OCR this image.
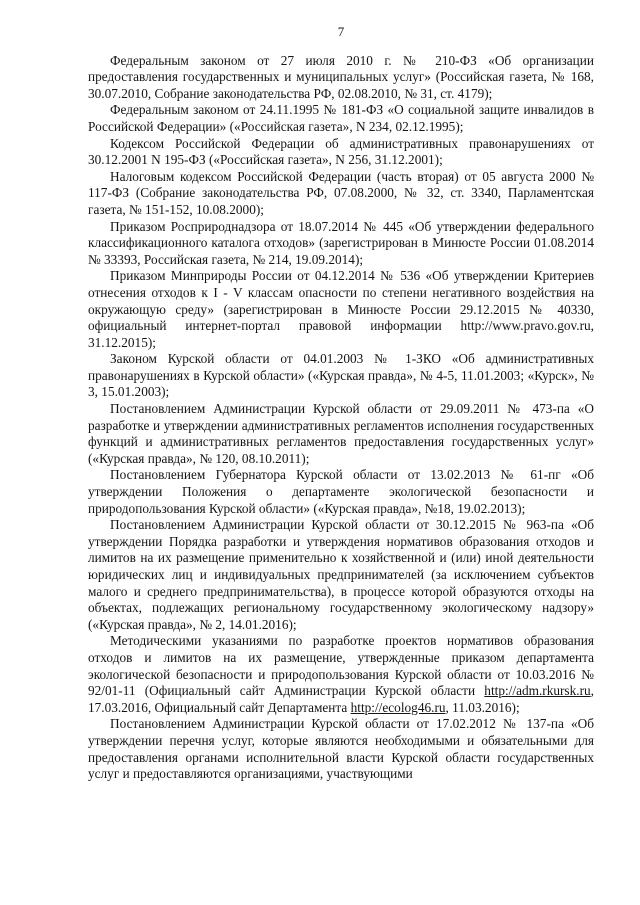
7

Федеральным законом от 27 июля 2010 г. № 210-ФЗ «Об организации предоставления государственных и муниципальных услуг» (Российская газета, № 168, 30.07.2010, Собрание законодательства РФ, 02.08.2010, № 31, ст. 4179);

Федеральным законом от 24.11.1995 № 181-ФЗ «О социальной защите инвалидов в Российской Федерации» («Российская газета», N 234, 02.12.1995);

Кодексом Российской Федерации об административных правонарушениях от 30.12.2001 N 195-ФЗ («Российская газета», N 256, 31.12.2001);

Налоговым кодексом Российской Федерации (часть вторая) от 05 августа 2000 № 117-ФЗ (Собрание законодательства РФ, 07.08.2000, № 32, ст. 3340, Парламентская газета, № 151-152, 10.08.2000);

Приказом Росприроднадзора от 18.07.2014 № 445 «Об утверждении федерального классификационного каталога отходов» (зарегистрирован в Минюсте России 01.08.2014 № 33393, Российская газета, № 214, 19.09.2014);

Приказом Минприроды России от 04.12.2014 № 536 «Об утверждении Критериев отнесения отходов к I - V классам опасности по степени негативного воздействия на окружающую среду» (зарегистрирован в Минюсте России 29.12.2015 № 40330, официальный интернет-портал правовой информации http://www.pravo.gov.ru, 31.12.2015);

Законом Курской области от 04.01.2003 № 1-ЗКО «Об административных правонарушениях в Курской области» («Курская правда», № 4-5, 11.01.2003; «Курск», № 3, 15.01.2003);

Постановлением Администрации Курской области от 29.09.2011 № 473-па «О разработке и утверждении административных регламентов исполнения государственных функций и административных регламентов предоставления государственных услуг» («Курская правда», № 120, 08.10.2011);

Постановлением Губернатора Курской области от 13.02.2013 № 61-пг «Об утверждении Положения о департаменте экологической безопасности и природопользования Курской области» («Курская правда», №18, 19.02.2013);

Постановлением Администрации Курской области от 30.12.2015 № 963-па «Об утверждении Порядка разработки и утверждения нормативов образования отходов и лимитов на их размещение применительно к хозяйственной и (или) иной деятельности юридических лиц и индивидуальных предпринимателей (за исключением субъектов малого и среднего предпринимательства), в процессе которой образуются отходы на объектах, подлежащих региональному государственному экологическому надзору» («Курская правда», № 2, 14.01.2016);

Методическими указаниями по разработке проектов нормативов образования отходов и лимитов на их размещение, утвержденные приказом департамента экологической безопасности и природопользования Курской области от 10.03.2016 № 92/01-11 (Официальный сайт Администрации Курской области http://adm.rkursk.ru, 17.03.2016, Официальный сайт Департамента http://ecolog46.ru, 11.03.2016);

Постановлением Администрации Курской области от 17.02.2012 № 137-па «Об утверждении перечня услуг, которые являются необходимыми и обязательными для предоставления органами исполнительной власти Курской области государственных услуг и предоставляются организациями, участвующими
